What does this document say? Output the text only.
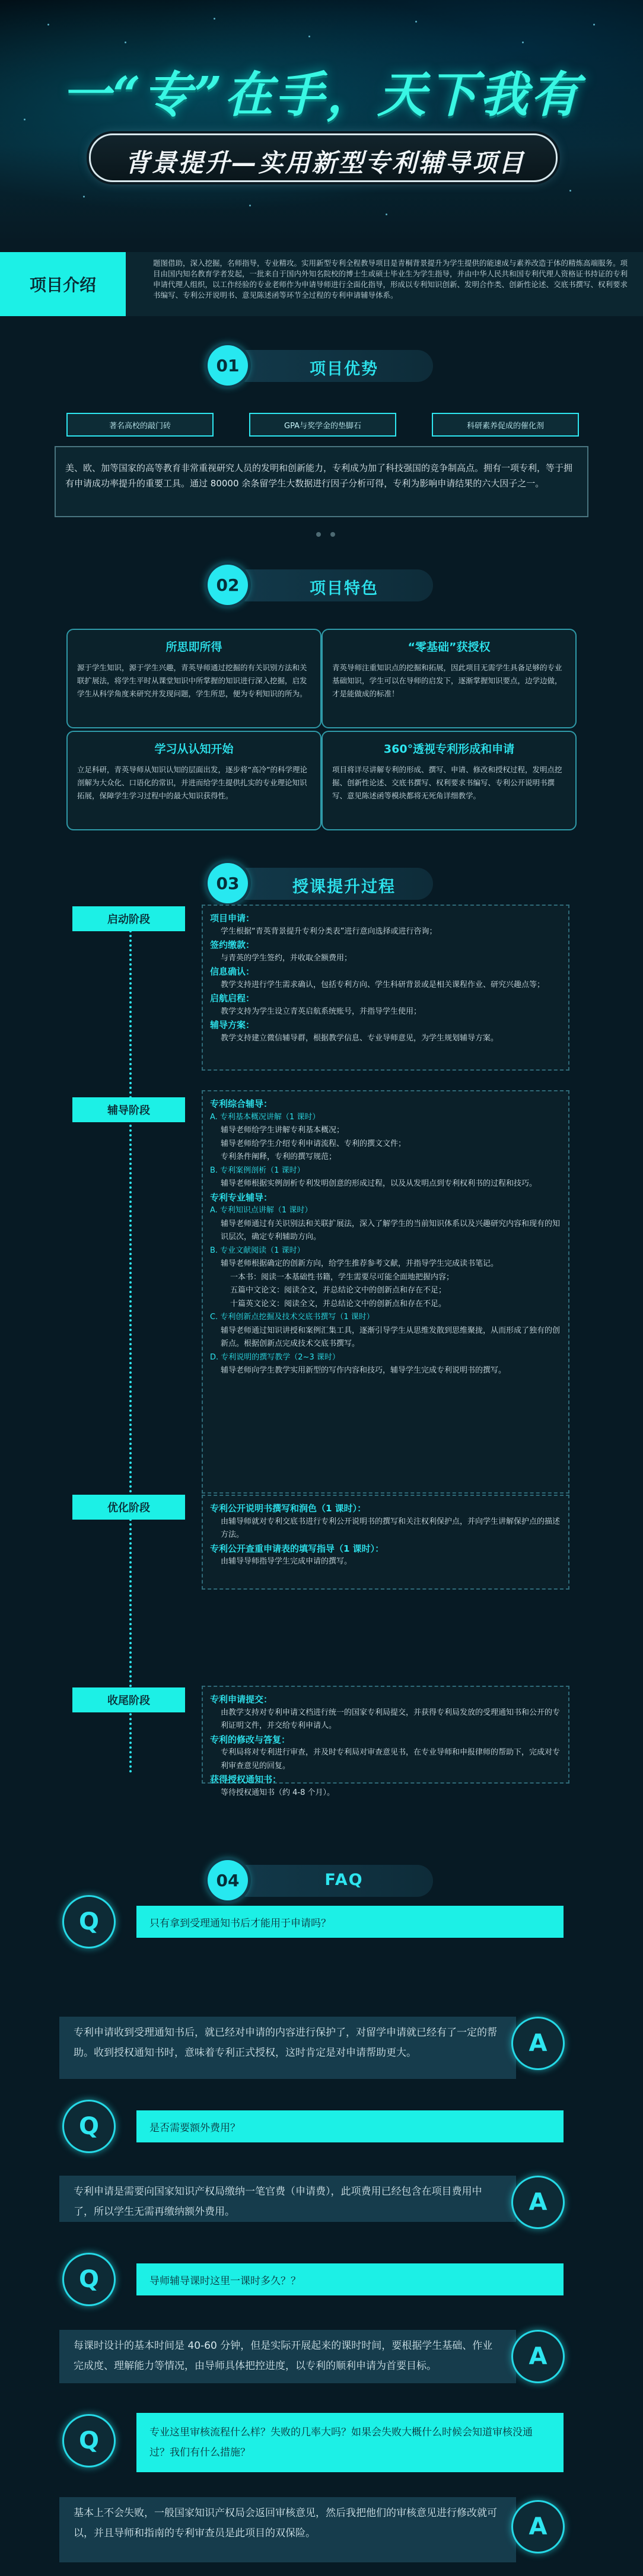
一“专”在手，天下我有
背景提升—实用新型专利辅导项目
项目介绍
题图借助，深入挖掘，名师指导，专业精攻。实用新型专利全程教导项目是青桐背景提升为学生提供的能速成与素养改造于体的精炼高端服务。项目由国内知名教育学者发起，一批来自于国内外知名院校的博士生或硕士毕业生为学生指导，并由中华人民共和国专利代理人资格证书持证的专利申请代理人组织，以工作经验的专业老师作为申请导师进行全面化指导，形成以专利知识创新、发明合作类、创新性论述、交底书撰写、权利要求书编写、专利公开说明书、意见陈述函等环节全过程的专利申请辅导体系。
01	项目优势
著名高校的敲门砖	GPA与奖学金的垫脚石	科研素养促成的催化剂
美、欧、加等国家的高等教育非常重视研究人员的发明和创新能力，专利成为加了科技强国的竞争制高点。拥有一项专利，等于拥有申请成功率提升的重要工具。通过 80000 余条留学生大数据进行因子分析可得，专利为影响申请结果的六大因子之一。
02	项目特色
所思即所得
源于学生知识，源于学生兴趣，青英导师通过挖掘的有关识别方法和关联扩展法，将学生平时从课堂知识中所掌握的知识进行深入挖掘，启发学生从科学角度来研究并发现问题，学生所思，便为专利知识的所为。
“零基础”获授权
青英导师注重知识点的挖掘和拓展，因此项目无需学生具备足够的专业基础知识，学生可以在导师的启发下，逐渐掌握知识要点，边学边做，才是能做成的标准！
学习从认知开始
立足科研，青英导师从知识认知的层面出发，逐步将“高冷”的科学理论剖解为大众化、口语化的常识，并进而给学生提供扎实的专业理论知识拓展，保障学生学习过程中的最大知识获得性。
360°透视专利形成和申请
项目将详尽讲解专利的形成、撰写、申请、修改和授权过程，发明点挖掘、创新性论述、交底书撰写、权利要求书编写、专利公开说明书撰写、意见陈述函等模块都将无死角详细教学。
03	授课提升过程
启动阶段	项目申请：
学生根据“青英背景提升专利分类表”进行意向选择或进行咨询；
签约缴款：
与青英的学生签约，并收取全额费用；
信息确认：
教学支持进行学生需求确认，包括专利方向、学生科研背景或是相关课程作业、研究兴趣点等；
启航启程：
教学支持为学生设立青英启航系统账号，并指导学生使用；
辅导方案：
教学支持建立微信辅导群，根据教学信息、专业导师意见，为学生规划辅导方案。
辅导阶段
专利综合辅导：
A. 专利基本概况讲解（1 课时）
辅导老师给学生讲解专利基本概况；
辅导老师给学生介绍专利申请流程、专利的撰文文件；
专利条件阐释，专利的撰写规范；
B. 专利案例剖析（1 课时）
辅导老师根据实例剖析专利发明创意的形成过程，以及从发明点到专利权利书的过程和技巧。
专利专业辅导：
A. 专利知识点讲解（1 课时）
辅导老师通过有关识别法和关联扩展法，深入了解学生的当前知识体系以及兴趣研究内容和现有的知识层次，确定专利辅助方向。
B. 专业文献阅读（1 课时）
辅导老师根据确定的创新方向，给学生推荐参考文献，并指导学生完成读书笔记。
一本书：阅读一本基础性书籍，学生需要尽可能全面地把握内容；
五篇中文论文：阅读全文，并总结论文中的创新点和存在不足；
十篇英文论文：阅读全文，并总结论文中的创新点和存在不足。
C. 专利创新点挖掘及技术交底书撰写（1 课时）
辅导老师通过知识讲授和案例汇集工具，逐渐引导学生从思维发散到思维聚拢，从而形成了独有的创新点。根据创新点完成技术交底书撰写。
D. 专利说明的撰写教学（2~3 课时）
辅导老师向学生教学实用新型的写作内容和技巧，辅导学生完成专利说明书的撰写。
优化阶段	专利公开说明书撰写和润色（1 课时）：
由辅导师就对专利交底书进行专利公开说明书的撰写和关注权利保护点，并向学生讲解保护点的描述方法。
专利公开查重申请表的填写指导（1 课时）：
由辅导导师指导学生完成申请的撰写。
收尾阶段	专利申请提交：
由教学支持对专利申请文档进行统一的国家专利局提交，并获得专利局发放的受理通知书和公开的专利证明文件，并交给专利申请人。
专利的修改与答复：
专利局将对专利进行审查，并及时专利局对审查意见书，在专业导师和申报律师的帮助下，完成对专利审查意见的回复。
获得授权通知书：
等待授权通知书（约 4-8 个月）。
04	FAQ
Q	只有拿到受理通知书后才能用于申请吗？
专利申请收到受理通知书后，就已经对申请的内容进行保护了，对留学申请就已经有了一定的帮助。收到授权通知书时，意味着专利正式授权，这时肯定是对申请帮助更大。	A
Q	是否需要额外费用？
专利申请是需要向国家知识产权局缴纳一笔官费（申请费），此项费用已经包含在项目费用中了，所以学生无需再缴纳额外费用。	A
Q	导师辅导课时这里一课时多久？？
每课时设计的基本时间是 40-60 分钟，但是实际开展起来的课时时间，要根据学生基础、作业完成度、理解能力等情况，由导师具体把控进度，以专利的顺利申请为首要目标。	A
Q	专业这里审核流程什么样？失败的几率大吗？如果会失败大概什么时候会知道审核没通过？我们有什么措施？
基本上不会失败，一般国家知识产权局会返回审核意见，然后我把他们的审核意见进行修改就可以，并且导师和指南的专利审查员是此项目的双保险。	A
